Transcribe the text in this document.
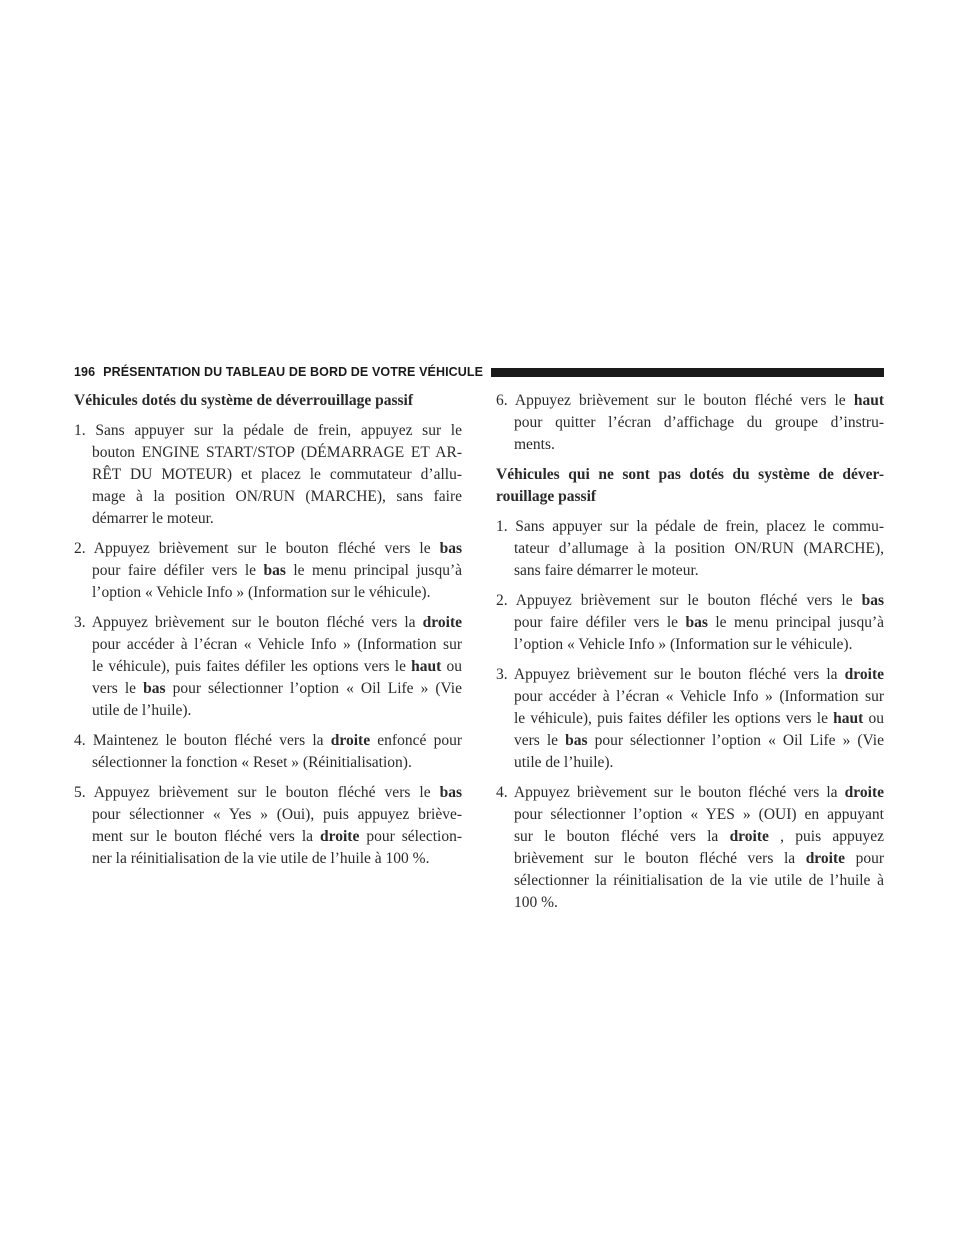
196 PRÉSENTATION DU TABLEAU DE BORD DE VOTRE VÉHICULE
Véhicules dotés du système de déverrouillage passif
1. Sans appuyer sur la pédale de frein, appuyez sur le
bouton ENGINE START/STOP (DÉMARRAGE ET AR-
RÊT DU MOTEUR) et placez le commutateur d’allu-
mage à la position ON/RUN (MARCHE), sans faire
démarrer le moteur.
2. Appuyez brièvement sur le bouton fléché vers le bas
pour faire défiler vers le bas le menu principal jusqu’à
l’option « Vehicle Info » (Information sur le véhicule).
3. Appuyez brièvement sur le bouton fléché vers la droite
pour accéder à l’écran « Vehicle Info » (Information sur
le véhicule), puis faites défiler les options vers le haut ou
vers le bas pour sélectionner l’option « Oil Life » (Vie
utile de l’huile).
4. Maintenez le bouton fléché vers la droite enfoncé pour
sélectionner la fonction « Reset » (Réinitialisation).
5. Appuyez brièvement sur le bouton fléché vers le bas
pour sélectionner « Yes » (Oui), puis appuyez briève-
ment sur le bouton fléché vers la droite pour sélection-
ner la réinitialisation de la vie utile de l’huile à 100 %.
6. Appuyez brièvement sur le bouton fléché vers le haut
pour quitter l’écran d’affichage du groupe d’instru-
ments.
Véhicules qui ne sont pas dotés du système de déver-
rouillage passif
1. Sans appuyer sur la pédale de frein, placez le commu-
tateur d’allumage à la position ON/RUN (MARCHE),
sans faire démarrer le moteur.
2. Appuyez brièvement sur le bouton fléché vers le bas
pour faire défiler vers le bas le menu principal jusqu’à
l’option « Vehicle Info » (Information sur le véhicule).
3. Appuyez brièvement sur le bouton fléché vers la droite
pour accéder à l’écran « Vehicle Info » (Information sur
le véhicule), puis faites défiler les options vers le haut ou
vers le bas pour sélectionner l’option « Oil Life » (Vie
utile de l’huile).
4. Appuyez brièvement sur le bouton fléché vers la droite
pour sélectionner l’option « YES » (OUI) en appuyant
sur le bouton fléché vers la droite , puis appuyez
brièvement sur le bouton fléché vers la droite pour
sélectionner la réinitialisation de la vie utile de l’huile à
100 %.
